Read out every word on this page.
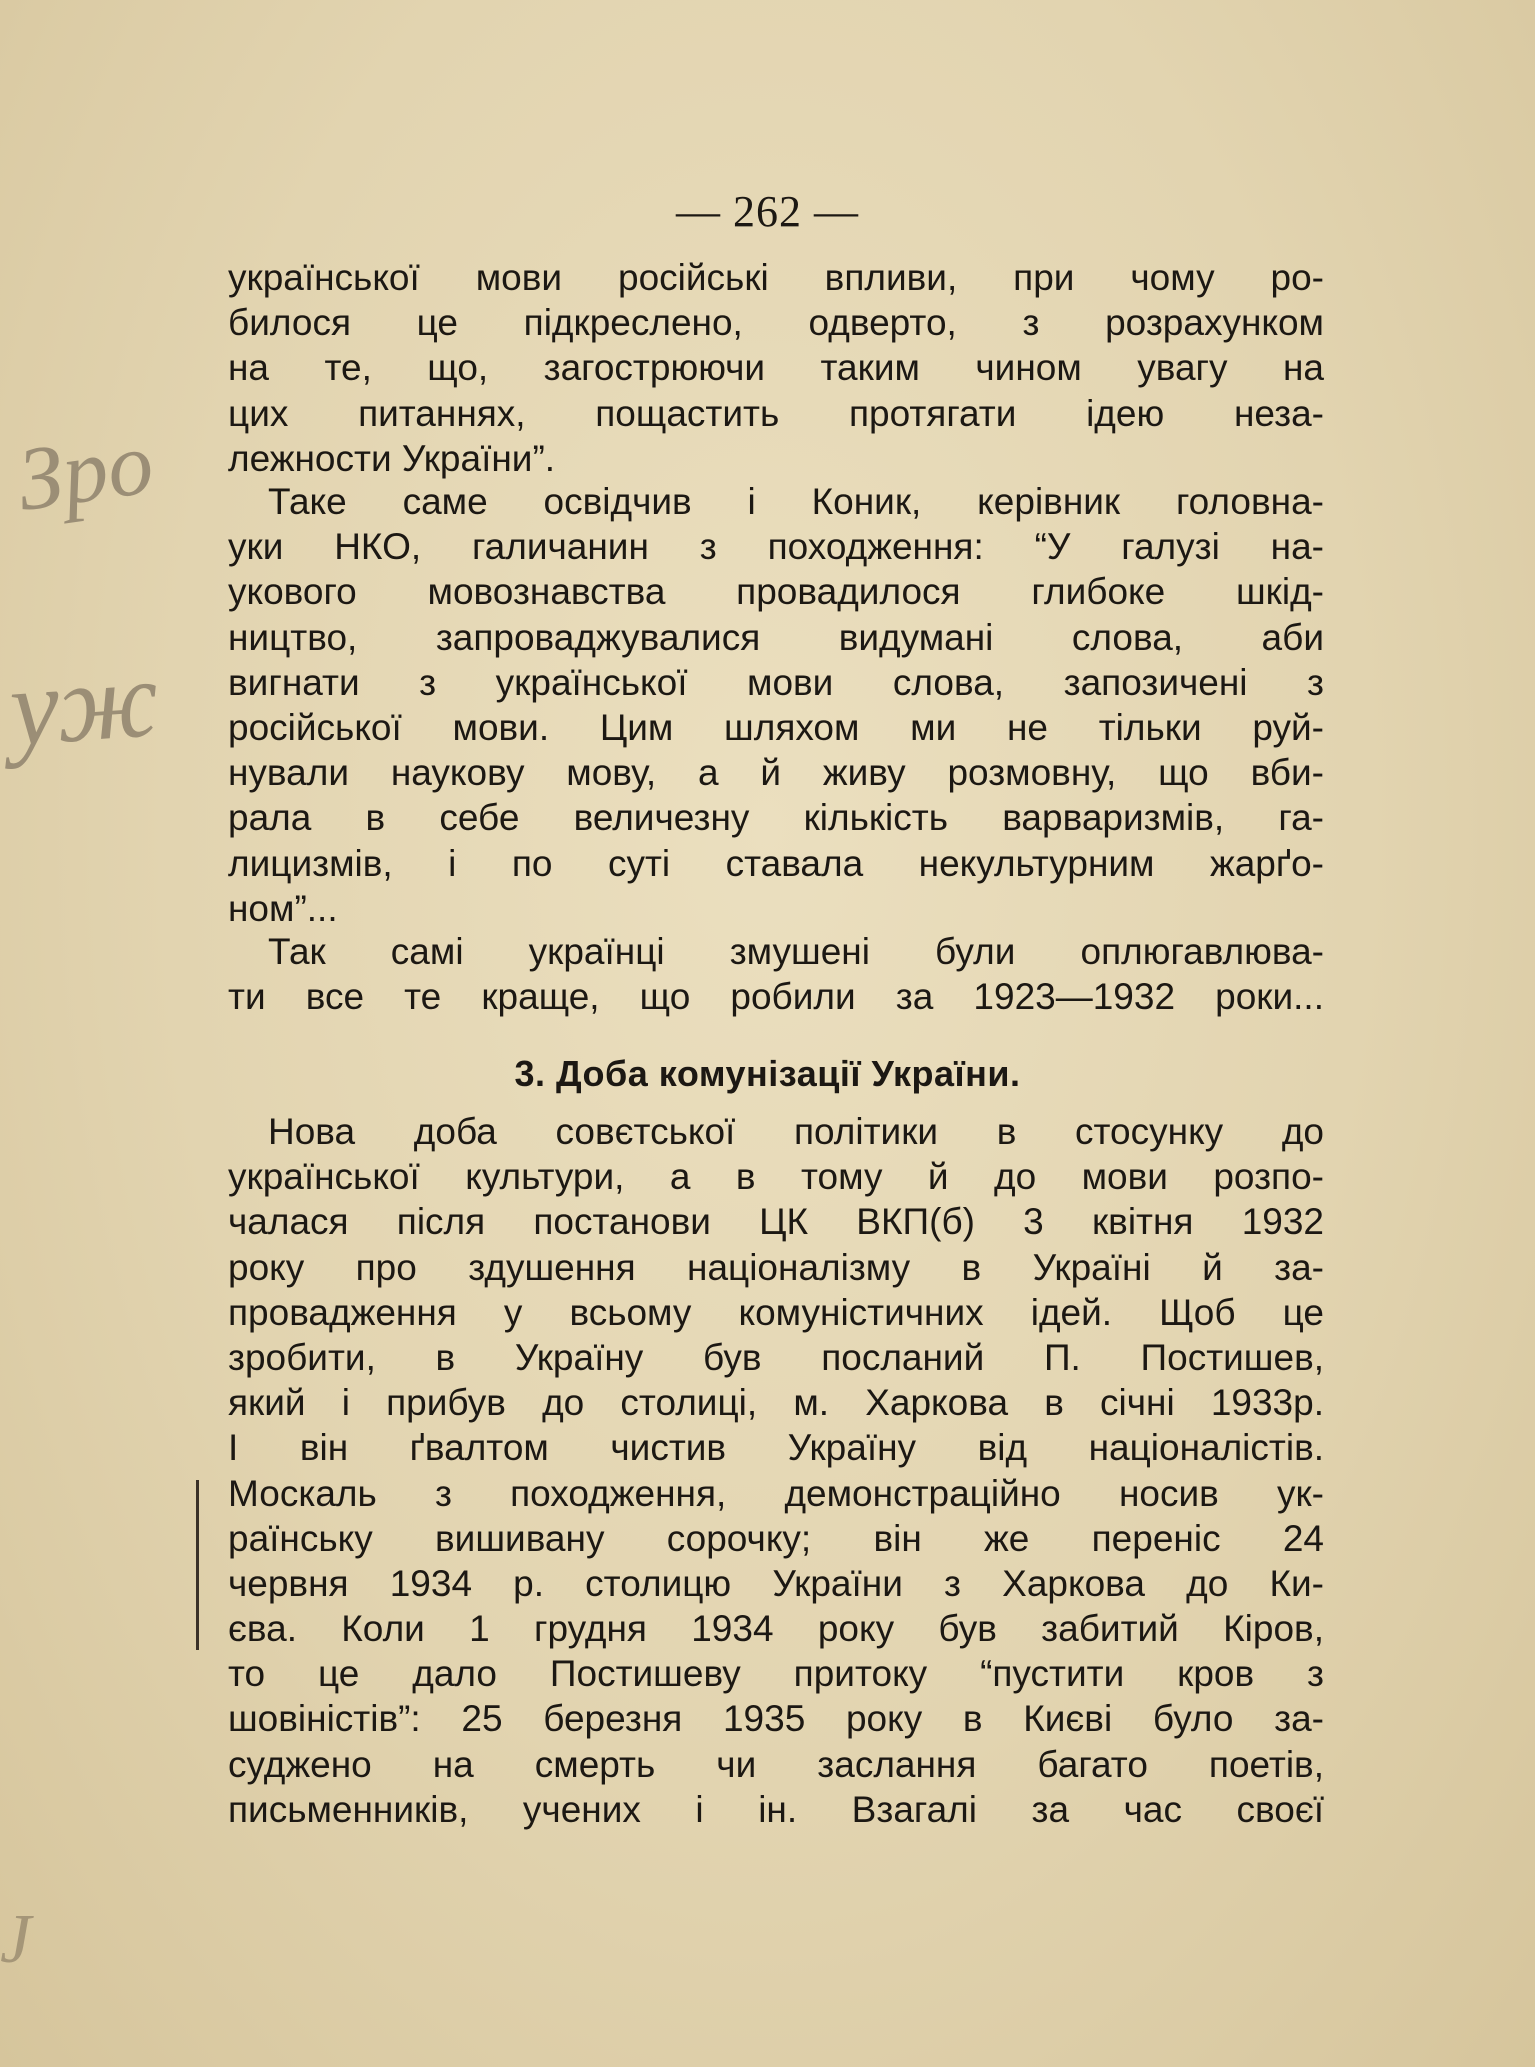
Зро
уж
J
— 262 —
української мови російські впливи, при чому ро-
билося це підкреслено, одверто, з розрахунком
на те, що, загострюючи таким чином увагу на
цих питаннях, пощастить протягати ідею неза-
лежности України”.
Таке саме освідчив і Коник, керівник головна-
уки НКО, галичанин з походження: “У галузі на-
укового мовознавства провадилося глибоке шкід-
ництво, запроваджувалися видумані слова, аби
вигнати з української мови слова, запозичені з
російської мови. Цим шляхом ми не тільки руй-
нували наукову мову, а й живу розмовну, що вби-
рала в себе величезну кількість варваризмів, га-
лицизмів, і по суті ставала некультурним жарґо-
ном”...
Так самі українці змушені були оплюгавлюва-
ти все те краще, що робили за 1923—1932 роки...
3. Доба комунізації України.
Нова доба совєтської політики в стосунку до
української культури, а в тому й до мови розпо-
чалася після постанови ЦК ВКП(б) 3 квітня 1932
року про здушення націоналізму в Україні й за-
провадження у всьому комуністичних ідей. Щоб це
зробити, в Україну був посланий П. Постишев,
який і прибув до столиці, м. Харкова в січні 1933р.
І він ґвалтом чистив Україну від націоналістів.
Москаль з походження, демонстраційно носив ук-
раїнську вишивану сорочку; він же переніс 24
червня 1934 р. столицю України з Харкова до Ки-
єва. Коли 1 грудня 1934 року був забитий Кіров,
то це дало Постишеву притоку “пустити кров з
шовіністів”: 25 березня 1935 року в Києві було за-
суджено на смерть чи заслання багато поетів,
письменників, учених і ін. Взагалі за час своєї
